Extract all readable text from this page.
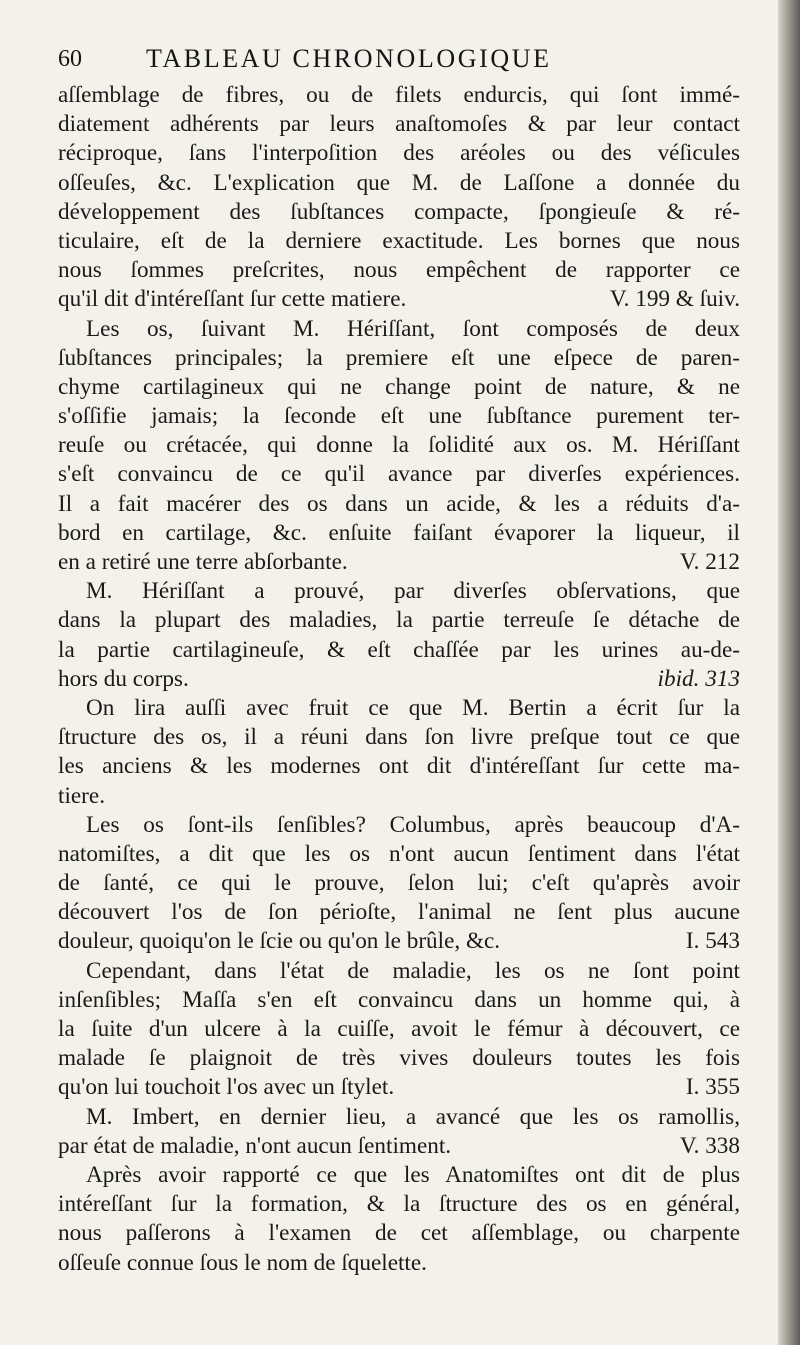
60 TABLEAU CHRONOLOGIQUE
aſſemblage de fibres, ou de filets endurcis, qui ſont immé-
diatement adhérents par leurs anaſtomoſes & par leur contact
réciproque, ſans l'interpoſition des aréoles ou des véſicules
oſſeuſes, &c. L'explication que M. de Laſſone a donnée du
développement des ſubſtances compacte, ſpongieuſe & ré-
ticulaire, eſt de la derniere exactitude. Les bornes que nous
nous ſommes preſcrites, nous empêchent de rapporter ce
qu'il dit d'intéreſſant ſur cette matiere.	V. 199 & ſuiv.
Les os, ſuivant M. Hériſſant, ſont composés de deux
ſubſtances principales; la premiere eſt une eſpece de paren-
chyme cartilagineux qui ne change point de nature, & ne
s'oſſifie jamais; la ſeconde eſt une ſubſtance purement ter-
reuſe ou crétacée, qui donne la ſolidité aux os. M. Hériſſant
s'eſt convaincu de ce qu'il avance par diverſes expériences.
Il a fait macérer des os dans un acide, & les a réduits d'a-
bord en cartilage, &c. enſuite faiſant évaporer la liqueur, il
en a retiré une terre abſorbante.	V. 212
M. Hériſſant a prouvé, par diverſes obſervations, que
dans la plupart des maladies, la partie terreuſe ſe détache de
la partie cartilagineuſe, & eſt chaſſée par les urines au-de-
hors du corps.	ibid. 313
On lira auſſi avec fruit ce que M. Bertin a écrit ſur la
ſtructure des os, il a réuni dans ſon livre preſque tout ce que
les anciens & les modernes ont dit d'intéreſſant ſur cette ma-
tiere.
Les os ſont-ils ſenſibles? Columbus, après beaucoup d'A-
natomiſtes, a dit que les os n'ont aucun ſentiment dans l'état
de ſanté, ce qui le prouve, ſelon lui; c'eſt qu'après avoir
découvert l'os de ſon périoſte, l'animal ne ſent plus aucune
douleur, quoiqu'on le ſcie ou qu'on le brûle, &c.	I. 543
Cependant, dans l'état de maladie, les os ne ſont point
inſenſibles; Maſſa s'en eſt convaincu dans un homme qui, à
la ſuite d'un ulcere à la cuiſſe, avoit le fémur à découvert, ce
malade ſe plaignoit de très vives douleurs toutes les fois
qu'on lui touchoit l'os avec un ſtylet.	I. 355
M. Imbert, en dernier lieu, a avancé que les os ramollis,
par état de maladie, n'ont aucun ſentiment.	V. 338
Après avoir rapporté ce que les Anatomiſtes ont dit de plus
intéreſſant ſur la formation, & la ſtructure des os en général,
nous paſſerons à l'examen de cet aſſemblage, ou charpente
oſſeuſe connue ſous le nom de ſquelette.
